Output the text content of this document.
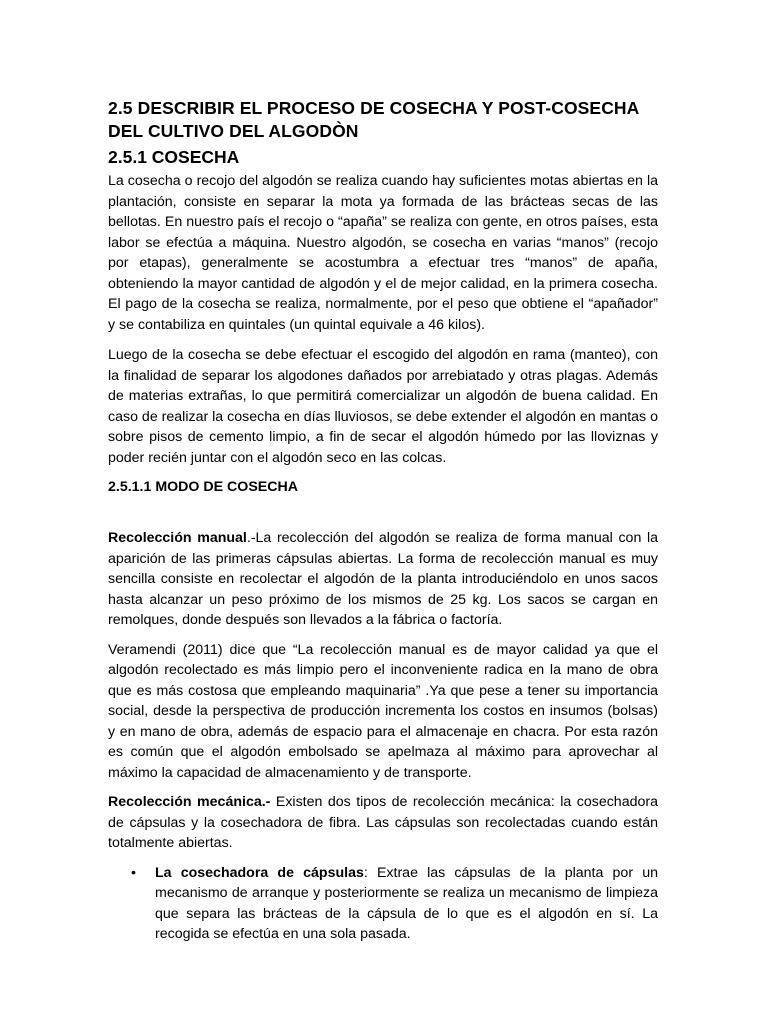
2.5 DESCRIBIR EL PROCESO DE COSECHA Y POST-COSECHA DEL CULTIVO DEL ALGODÒN
2.5.1 COSECHA

La cosecha o recojo del algodón se realiza cuando hay suficientes motas abiertas en la plantación, consiste en separar la mota ya formada de las brácteas secas de las bellotas. En nuestro país el recojo o “apaña” se realiza con gente, en otros países, esta labor se efectúa a máquina. Nuestro algodón, se cosecha en varias “manos” (recojo por etapas), generalmente se acostumbra a efectuar tres “manos” de apaña, obteniendo la mayor cantidad de algodón y el de mejor calidad, en la primera cosecha. El pago de la cosecha se realiza, normalmente, por el peso que obtiene el “apañador” y se contabiliza en quintales (un quintal equivale a 46 kilos).

Luego de la cosecha se debe efectuar el escogido del algodón en rama (manteo), con la finalidad de separar los algodones dañados por arrebiatado y otras plagas. Además de materias extrañas, lo que permitirá comercializar un algodón de buena calidad. En caso de realizar la cosecha en días lluviosos, se debe extender el algodón en mantas o sobre pisos de cemento limpio, a fin de secar el algodón húmedo por las lloviznas y poder recién juntar con el algodón seco en las colcas.

2.5.1.1 MODO DE COSECHA

Recolección manual.-La recolección del algodón se realiza de forma manual con la aparición de las primeras cápsulas abiertas. La forma de recolección manual es muy sencilla consiste en recolectar el algodón de la planta introduciéndolo en unos sacos hasta alcanzar un peso próximo de los mismos de 25 kg. Los sacos se cargan en remolques, donde después son llevados a la fábrica o factoría.

Veramendi (2011) dice que “La recolección manual es de mayor calidad ya que el algodón recolectado es más limpio pero el inconveniente radica en la mano de obra que es más costosa que empleando maquinaria” .Ya que pese a tener su importancia social, desde la perspectiva de producción incrementa los costos en insumos (bolsas) y en mano de obra, además de espacio para el almacenaje en chacra. Por esta razón es común que el algodón embolsado se apelmaza al máximo para aprovechar al máximo la capacidad de almacenamiento y de transporte.

Recolección mecánica.- Existen dos tipos de recolección mecánica: la cosechadora de cápsulas y la cosechadora de fibra. Las cápsulas son recolectadas cuando están totalmente abiertas.

• La cosechadora de cápsulas: Extrae las cápsulas de la planta por un mecanismo de arranque y posteriormente se realiza un mecanismo de limpieza que separa las brácteas de la cápsula de lo que es el algodón en sí. La recogida se efectúa en una sola pasada.
